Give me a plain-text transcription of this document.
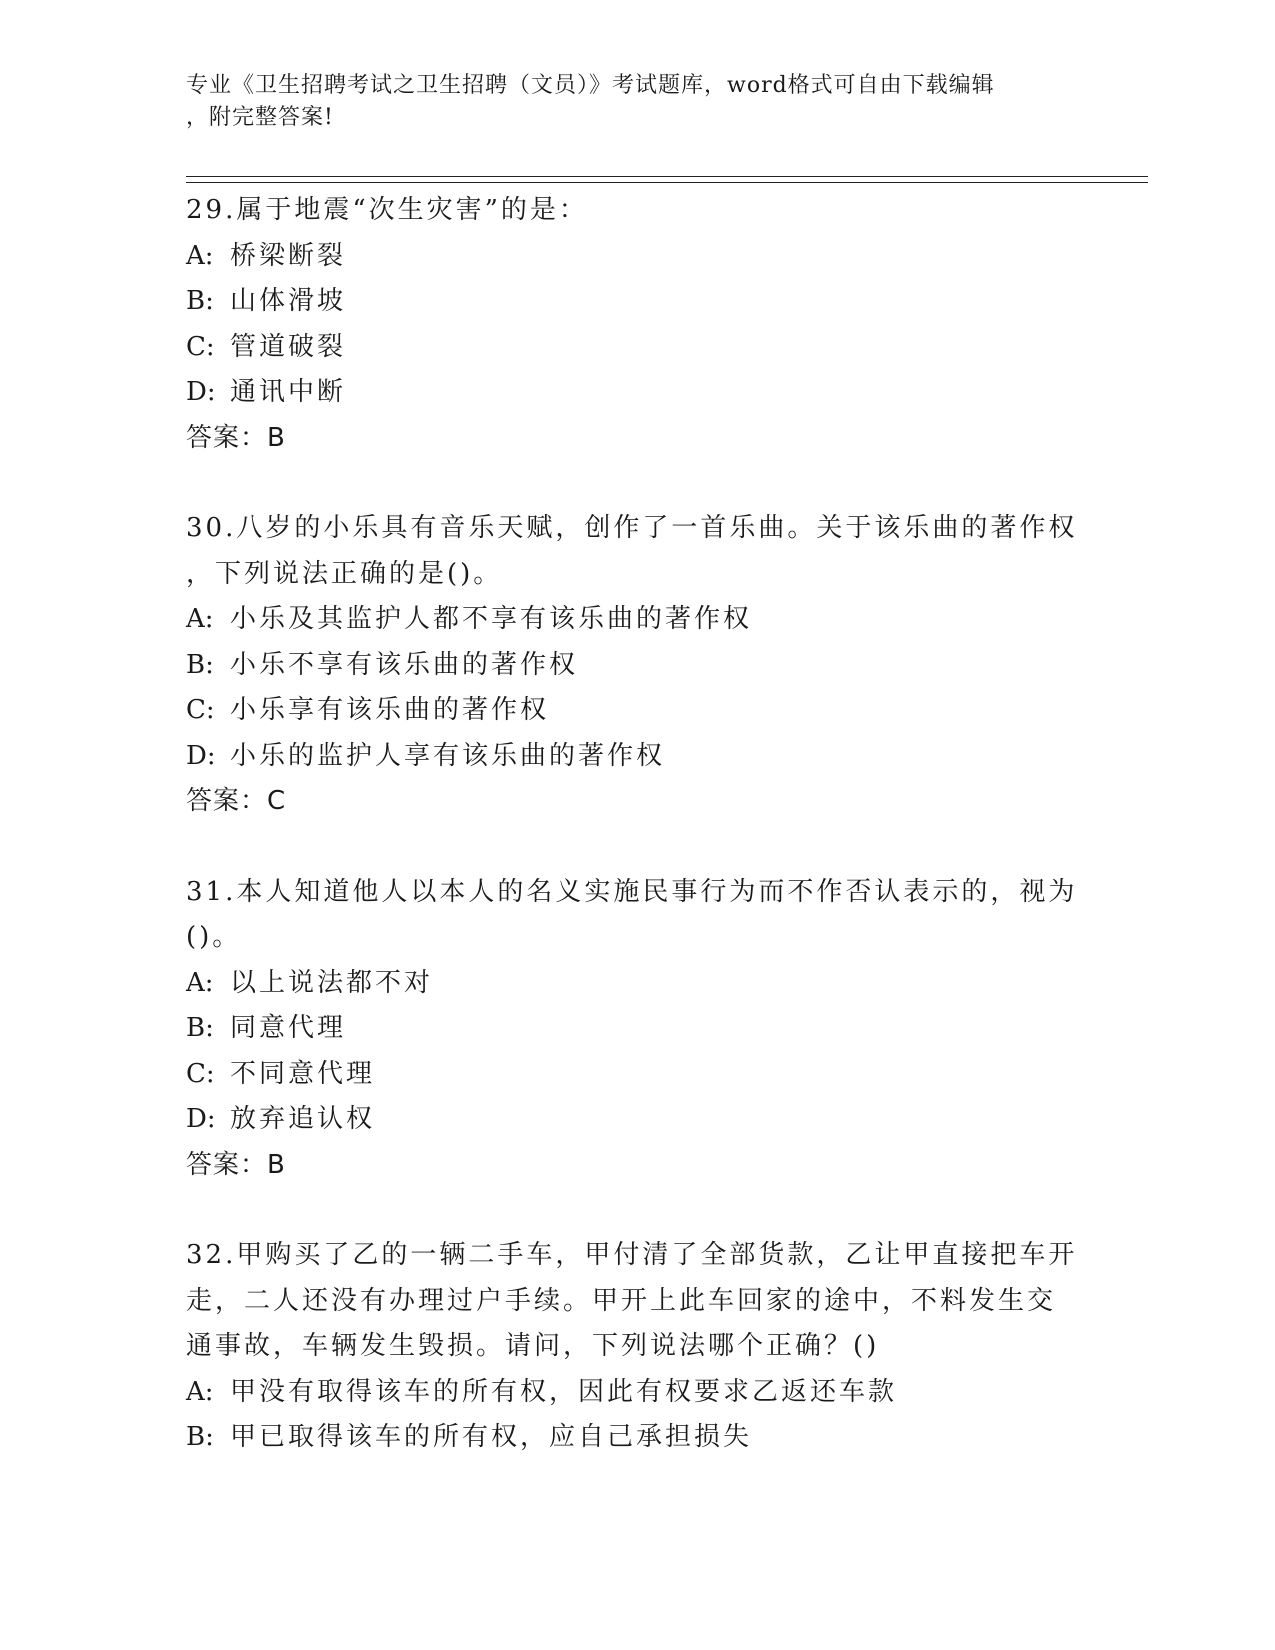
专业《卫生招聘考试之卫生招聘（文员）》考试题库，word格式可自由下载编辑
，附完整答案!
29.属于地震“次生灾害”的是：
A: 桥梁断裂
B: 山体滑坡
C: 管道破裂
D: 通讯中断
答案：B
30.八岁的小乐具有音乐天赋，创作了一首乐曲。关于该乐曲的著作权
，下列说法正确的是()。
A: 小乐及其监护人都不享有该乐曲的著作权
B: 小乐不享有该乐曲的著作权
C: 小乐享有该乐曲的著作权
D: 小乐的监护人享有该乐曲的著作权
答案：C
31.本人知道他人以本人的名义实施民事行为而不作否认表示的，视为
()。
A: 以上说法都不对
B: 同意代理
C: 不同意代理
D: 放弃追认权
答案：B
32.甲购买了乙的一辆二手车，甲付清了全部货款，乙让甲直接把车开
走，二人还没有办理过户手续。甲开上此车回家的途中，不料发生交
通事故，车辆发生毁损。请问，下列说法哪个正确？()
A: 甲没有取得该车的所有权，因此有权要求乙返还车款
B: 甲已取得该车的所有权，应自己承担损失
